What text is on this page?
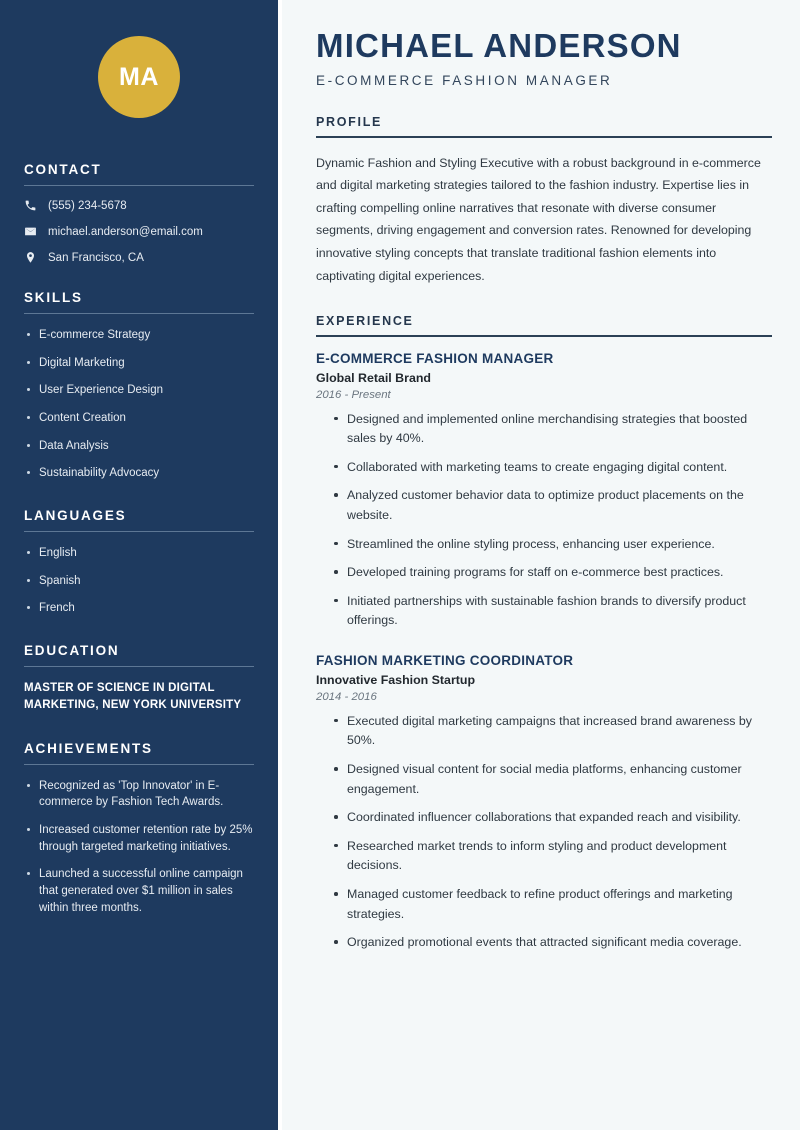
MA
CONTACT
(555) 234-5678
michael.anderson@email.com
San Francisco, CA
SKILLS
E-commerce Strategy
Digital Marketing
User Experience Design
Content Creation
Data Analysis
Sustainability Advocacy
LANGUAGES
English
Spanish
French
EDUCATION
MASTER OF SCIENCE IN DIGITAL MARKETING, NEW YORK UNIVERSITY
ACHIEVEMENTS
Recognized as 'Top Innovator' in E-commerce by Fashion Tech Awards.
Increased customer retention rate by 25% through targeted marketing initiatives.
Launched a successful online campaign that generated over $1 million in sales within three months.
MICHAEL ANDERSON
E-COMMERCE FASHION MANAGER
PROFILE

Dynamic Fashion and Styling Executive with a robust background in e-commerce and digital marketing strategies tailored to the fashion industry. Expertise lies in crafting compelling online narratives that resonate with diverse consumer segments, driving engagement and conversion rates. Renowned for developing innovative styling concepts that translate traditional fashion elements into captivating digital experiences.

EXPERIENCE
E-COMMERCE FASHION MANAGER
Global Retail Brand
2016 - Present
Designed and implemented online merchandising strategies that boosted sales by 40%.
Collaborated with marketing teams to create engaging digital content.
Analyzed customer behavior data to optimize product placements on the website.
Streamlined the online styling process, enhancing user experience.
Developed training programs for staff on e-commerce best practices.
Initiated partnerships with sustainable fashion brands to diversify product offerings.
FASHION MARKETING COORDINATOR
Innovative Fashion Startup
2014 - 2016
Executed digital marketing campaigns that increased brand awareness by 50%.
Designed visual content for social media platforms, enhancing customer engagement.
Coordinated influencer collaborations that expanded reach and visibility.
Researched market trends to inform styling and product development decisions.
Managed customer feedback to refine product offerings and marketing strategies.
Organized promotional events that attracted significant media coverage.
